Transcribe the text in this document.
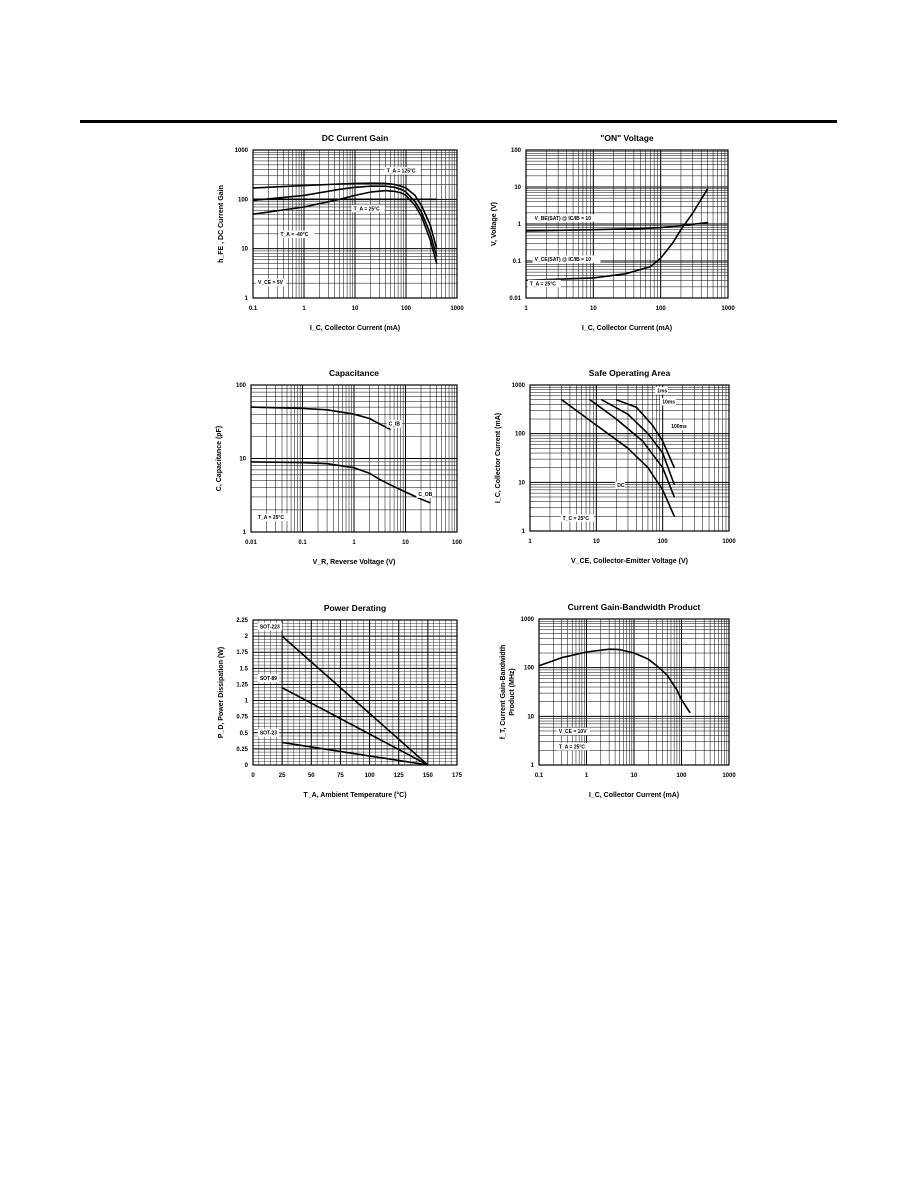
DC Current Gain
0.1	1	10	100	1000
1
10
100
1000
I_C, Collector Current (mA)
h_FE , DC Current Gain
T_A = 125°C
T_A = 25°C
T_A = -40°C
V_CE = 5V
"ON" Voltage
1	10	100	1000
0.01
0.1
1
10
100
I_C, Collector Current (mA)
V, Voltage (V)	V_BE(SAT) @ IC/IB = 10
V_CE(SAT) @ IC/IB = 10
T_A = 25°C
Capacitance
0.01	0.1	1	10	100
1
10
100
V_R, Reverse Voltage (V)
C, Capacitance (pF)
C_IB
C_OB
T_A = 25°C
Safe Operating Area
1	10	100	1000
1
10
100
1000
V_CE, Collector-Emitter Voltage (V)
I_C, Collector Current (mA)
1ms
10ms
100ms
DC
T_C = 25°C
Power Derating
0	25	50	75	100	125	150	175
0
0.25
0.5
0.75
1
1.25
1.5
1.75
2
2.25
T_A, Ambient Temperature (°C)
P_D, Power Dissipation (W)
SOT-223
SOT-89
SOT-23
Current Gain-Bandwidth Product
0.1	1	10	100	1000
1
10
100
1000
I_C, Collector Current (mA)
f_T, Current Gain-Bandwidth Product (MHz)
V_CE = 10V
T_A = 25°C
